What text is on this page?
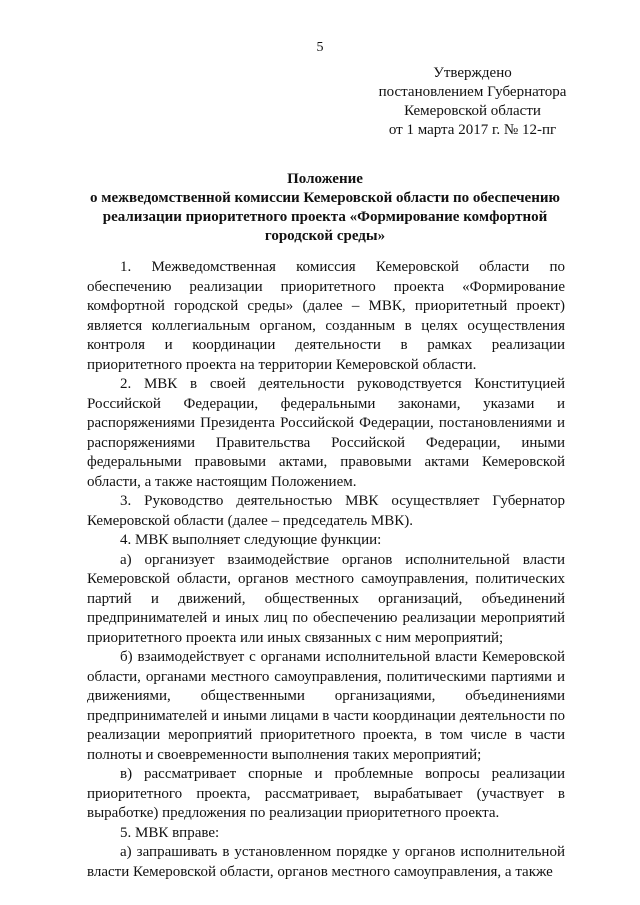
5
Утверждено
постановлением Губернатора
Кемеровской области
от 1 марта 2017 г. № 12-пг
Положение
о межведомственной комиссии Кемеровской области по обеспечению
реализации приоритетного проекта «Формирование комфортной
городской среды»

1. Межведомственная комиссия Кемеровской области по обеспечению реализации приоритетного проекта «Формирование комфортной городской среды» (далее – МВК, приоритетный проект) является коллегиальным органом, созданным в целях осуществления контроля и координации деятельности в рамках реализации приоритетного проекта на территории Кемеровской области.

2. МВК в своей деятельности руководствуется Конституцией Российской Федерации, федеральными законами, указами и распоряжениями Президента Российской Федерации, постановлениями и распоряжениями Правительства Российской Федерации, иными федеральными правовыми актами, правовыми актами Кемеровской области, а также настоящим Положением.

3. Руководство деятельностью МВК осуществляет Губернатор Кемеровской области (далее – председатель МВК).

4. МВК выполняет следующие функции:

а) организует взаимодействие органов исполнительной власти Кемеровской области, органов местного самоуправления, политических партий и движений, общественных организаций, объединений предпринимателей и иных лиц по обеспечению реализации мероприятий приоритетного проекта или иных связанных с ним мероприятий;

б) взаимодействует с органами исполнительной власти Кемеровской области, органами местного самоуправления, политическими партиями и движениями, общественными организациями, объединениями предпринимателей и иными лицами в части координации деятельности по реализации мероприятий приоритетного проекта, в том числе в части полноты и своевременности выполнения таких мероприятий;

в) рассматривает спорные и проблемные вопросы реализации приоритетного проекта, рассматривает, вырабатывает (участвует в выработке) предложения по реализации приоритетного проекта.

5. МВК вправе:

а) запрашивать в установленном порядке у органов исполнительной власти Кемеровской области, органов местного самоуправления, а также
